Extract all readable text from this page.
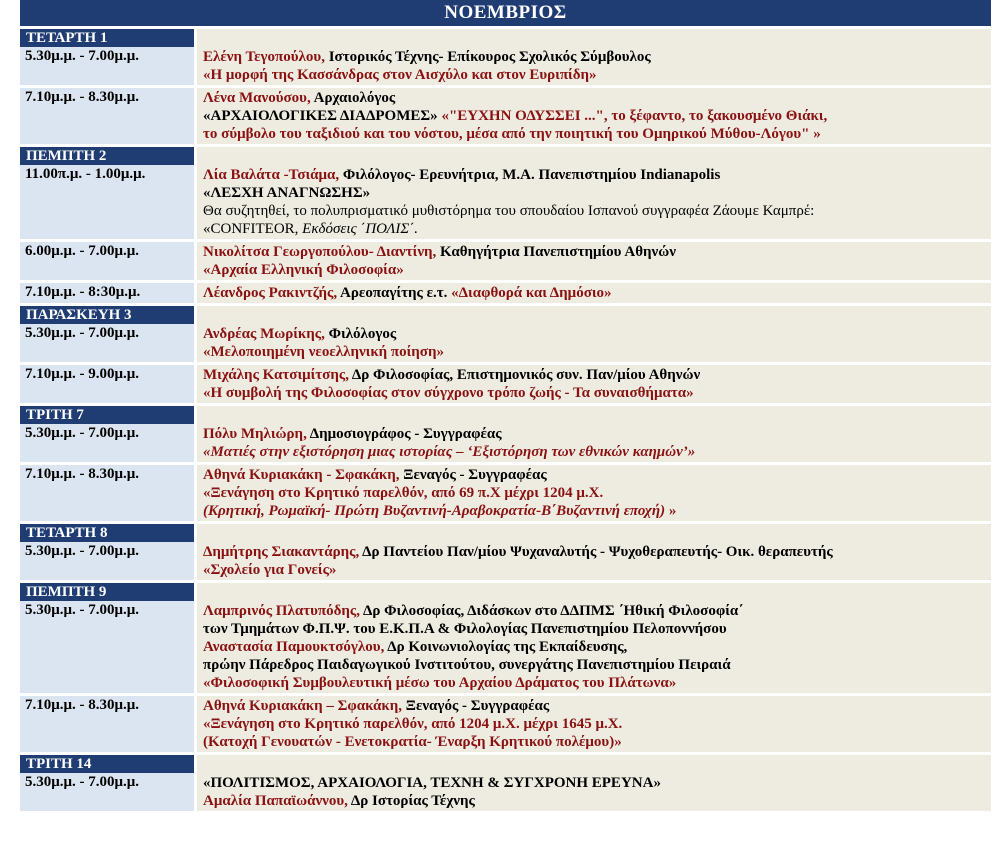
ΝΟΕΜΒΡΙΟΣ
ΤΕΤΑΡΤΗ 1
5.30μ.μ. - 7.00μ.μ.	Ελένη Τεγοπούλου, Ιστορικός Τέχνης- Επίκουρος Σχολικός Σύμβουλος
«Η μορφή της Κασσάνδρας στον Αισχύλο και στον Ευριπίδη»
7.10μ.μ. - 8.30μ.μ.	Λένα Μανούσου, Αρχαιολόγος
«ΑΡΧΑΙΟΛΟΓΙΚΕΣ ΔΙΑΔΡΟΜΕΣ» «"ΕΥΧΗΝ ΟΔΥΣΣΕΙ ...", το ξέφαντο, το ξακουσμένο Θιάκι,
το σύμβολο του ταξιδιού και του νόστου, μέσα από την ποιητική του Ομηρικού Μύθου-Λόγου" »
ΠΕΜΠΤΗ 2
11.00π.μ. - 1.00μ.μ.	Λία Βαλάτα -Τσιάμα, Φιλόλογος- Ερευνήτρια, Μ.Α. Πανεπιστημίου Indianapolis
«ΛΕΣΧΗ ΑΝΑΓΝΩΣΗΣ»
Θα συζητηθεί, το πολυπρισματικό μυθιστόρημα του σπουδαίου Ισπανού συγγραφέα Ζάουμε Καμπρέ:
«CONFITEOR, Εκδόσεις ΄ΠΟΛΙΣ΄.
6.00μ.μ. - 7.00μ.μ.	Νικολίτσα Γεωργοπούλου- Διαντίνη, Καθηγήτρια Πανεπιστημίου Αθηνών
«Αρχαία Ελληνική Φιλοσοφία»
7.10μ.μ. - 8:30μ.μ.	Λέανδρος Ρακιντζής, Αρεοπαγίτης ε.τ. «Διαφθορά και Δημόσιο»
ΠΑΡΑΣΚΕΥΗ 3
5.30μ.μ. - 7.00μ.μ.	Ανδρέας Μωρίκης, Φιλόλογος
«Μελοποιημένη νεοελληνική ποίηση»
7.10μ.μ. - 9.00μ.μ.	Μιχάλης Κατσιμίτσης, Δρ Φιλοσοφίας, Επιστημονικός συν. Παν/μίου Αθηνών
«Η συμβολή της Φιλοσοφίας στον σύγχρονο τρόπο ζωής - Τα συναισθήματα»
ΤΡΙΤΗ 7
5.30μ.μ. - 7.00μ.μ.	Πόλυ Μηλιώρη, Δημοσιογράφος - Συγγραφέας
«Ματιές στην εξιστόρηση μιας ιστορίας – ‘Εξιστόρηση των εθνικών καημών’»
7.10μ.μ. - 8.30μ.μ.	Αθηνά Κυριακάκη - Σφακάκη, Ξεναγός - Συγγραφέας
«Ξενάγηση στο Κρητικό παρελθόν, από 69 π.Χ μέχρι 1204 μ.Χ.
(Κρητική, Ρωμαϊκή- Πρώτη Βυζαντινή-Αραβοκρατία-Β΄Βυζαντινή εποχή) »
ΤΕΤΑΡΤΗ 8
5.30μ.μ. - 7.00μ.μ.	Δημήτρης Σιακαντάρης, Δρ Παντείου Παν/μίου Ψυχαναλυτής - Ψυχοθεραπευτής- Οικ. θεραπευτής
«Σχολείο για Γονείς»
ΠΕΜΠΤΗ 9
5.30μ.μ. - 7.00μ.μ.	Λαμπρινός Πλατυπόδης, Δρ Φιλοσοφίας, Διδάσκων στο ΔΔΠΜΣ ΄Ηθική Φιλοσοφία΄
των Τμημάτων Φ.Π.Ψ. του Ε.Κ.Π.Α & Φιλολογίας Πανεπιστημίου Πελοποννήσου
Αναστασία Παμουκτσόγλου, Δρ Κοινωνιολογίας της Εκπαίδευσης,
πρώην Πάρεδρος Παιδαγωγικού Ινστιτούτου, συνεργάτης Πανεπιστημίου Πειραιά
«Φιλοσοφική Συμβουλευτική μέσω του Αρχαίου Δράματος του Πλάτωνα»
7.10μ.μ. - 8.30μ.μ.	Αθηνά Κυριακάκη – Σφακάκη, Ξεναγός - Συγγραφέας
«Ξενάγηση στο Κρητικό παρελθόν, από 1204 μ.Χ. μέχρι 1645 μ.Χ.
(Κατοχή Γενουατών - Ενετοκρατία- Έναρξη Κρητικού πολέμου)»
ΤΡΙΤΗ 14
5.30μ.μ. - 7.00μ.μ.	«ΠΟΛΙΤΙΣΜΟΣ, ΑΡΧΑΙΟΛΟΓΙΑ, ΤΕΧΝΗ & ΣΥΓΧΡΟΝΗ ΕΡΕΥΝΑ»
Αμαλία Παπαϊωάννου, Δρ Ιστορίας Τέχνης
